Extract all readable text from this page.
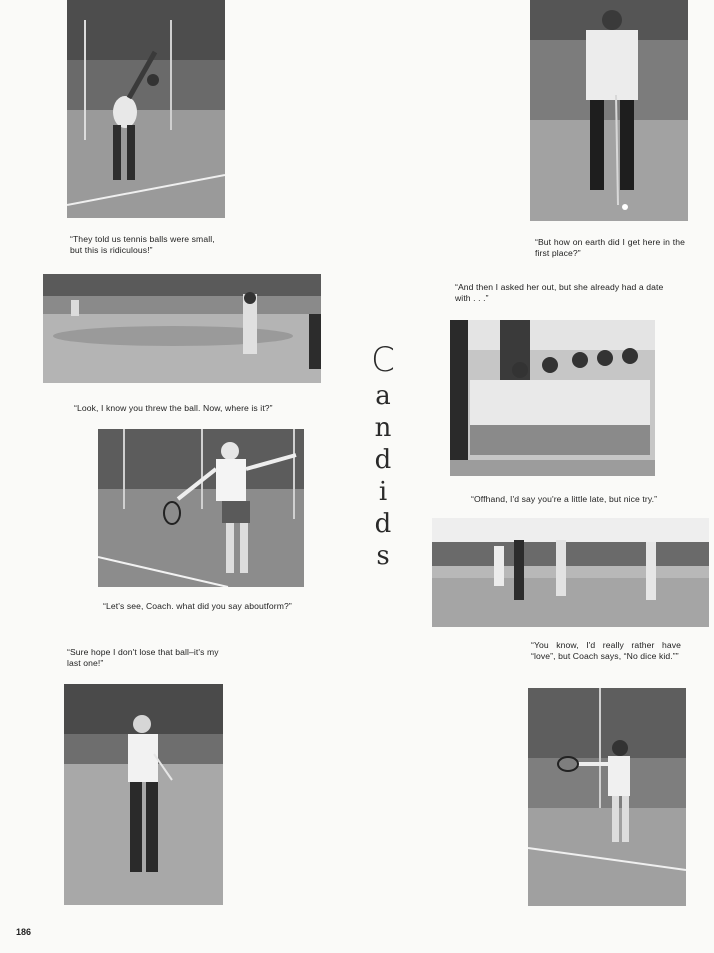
“They told us tennis balls were small, but this is ridiculous!”
“But how on earth did I get here in the first place?”
“Look, I know you threw the ball. Now, where is it?”
“And then I asked her out, but she already had a date with . . .”
“Offhand, I'd say you're a little late, but nice try.”
C
a
n
d
i
d
s
“Let's see, Coach. what did you say aboutform?”
“Sure hope I don't lose that ball–it's my last one!”
“You know, I'd really rather have “love”, but Coach says, “No dice kid.””
186
